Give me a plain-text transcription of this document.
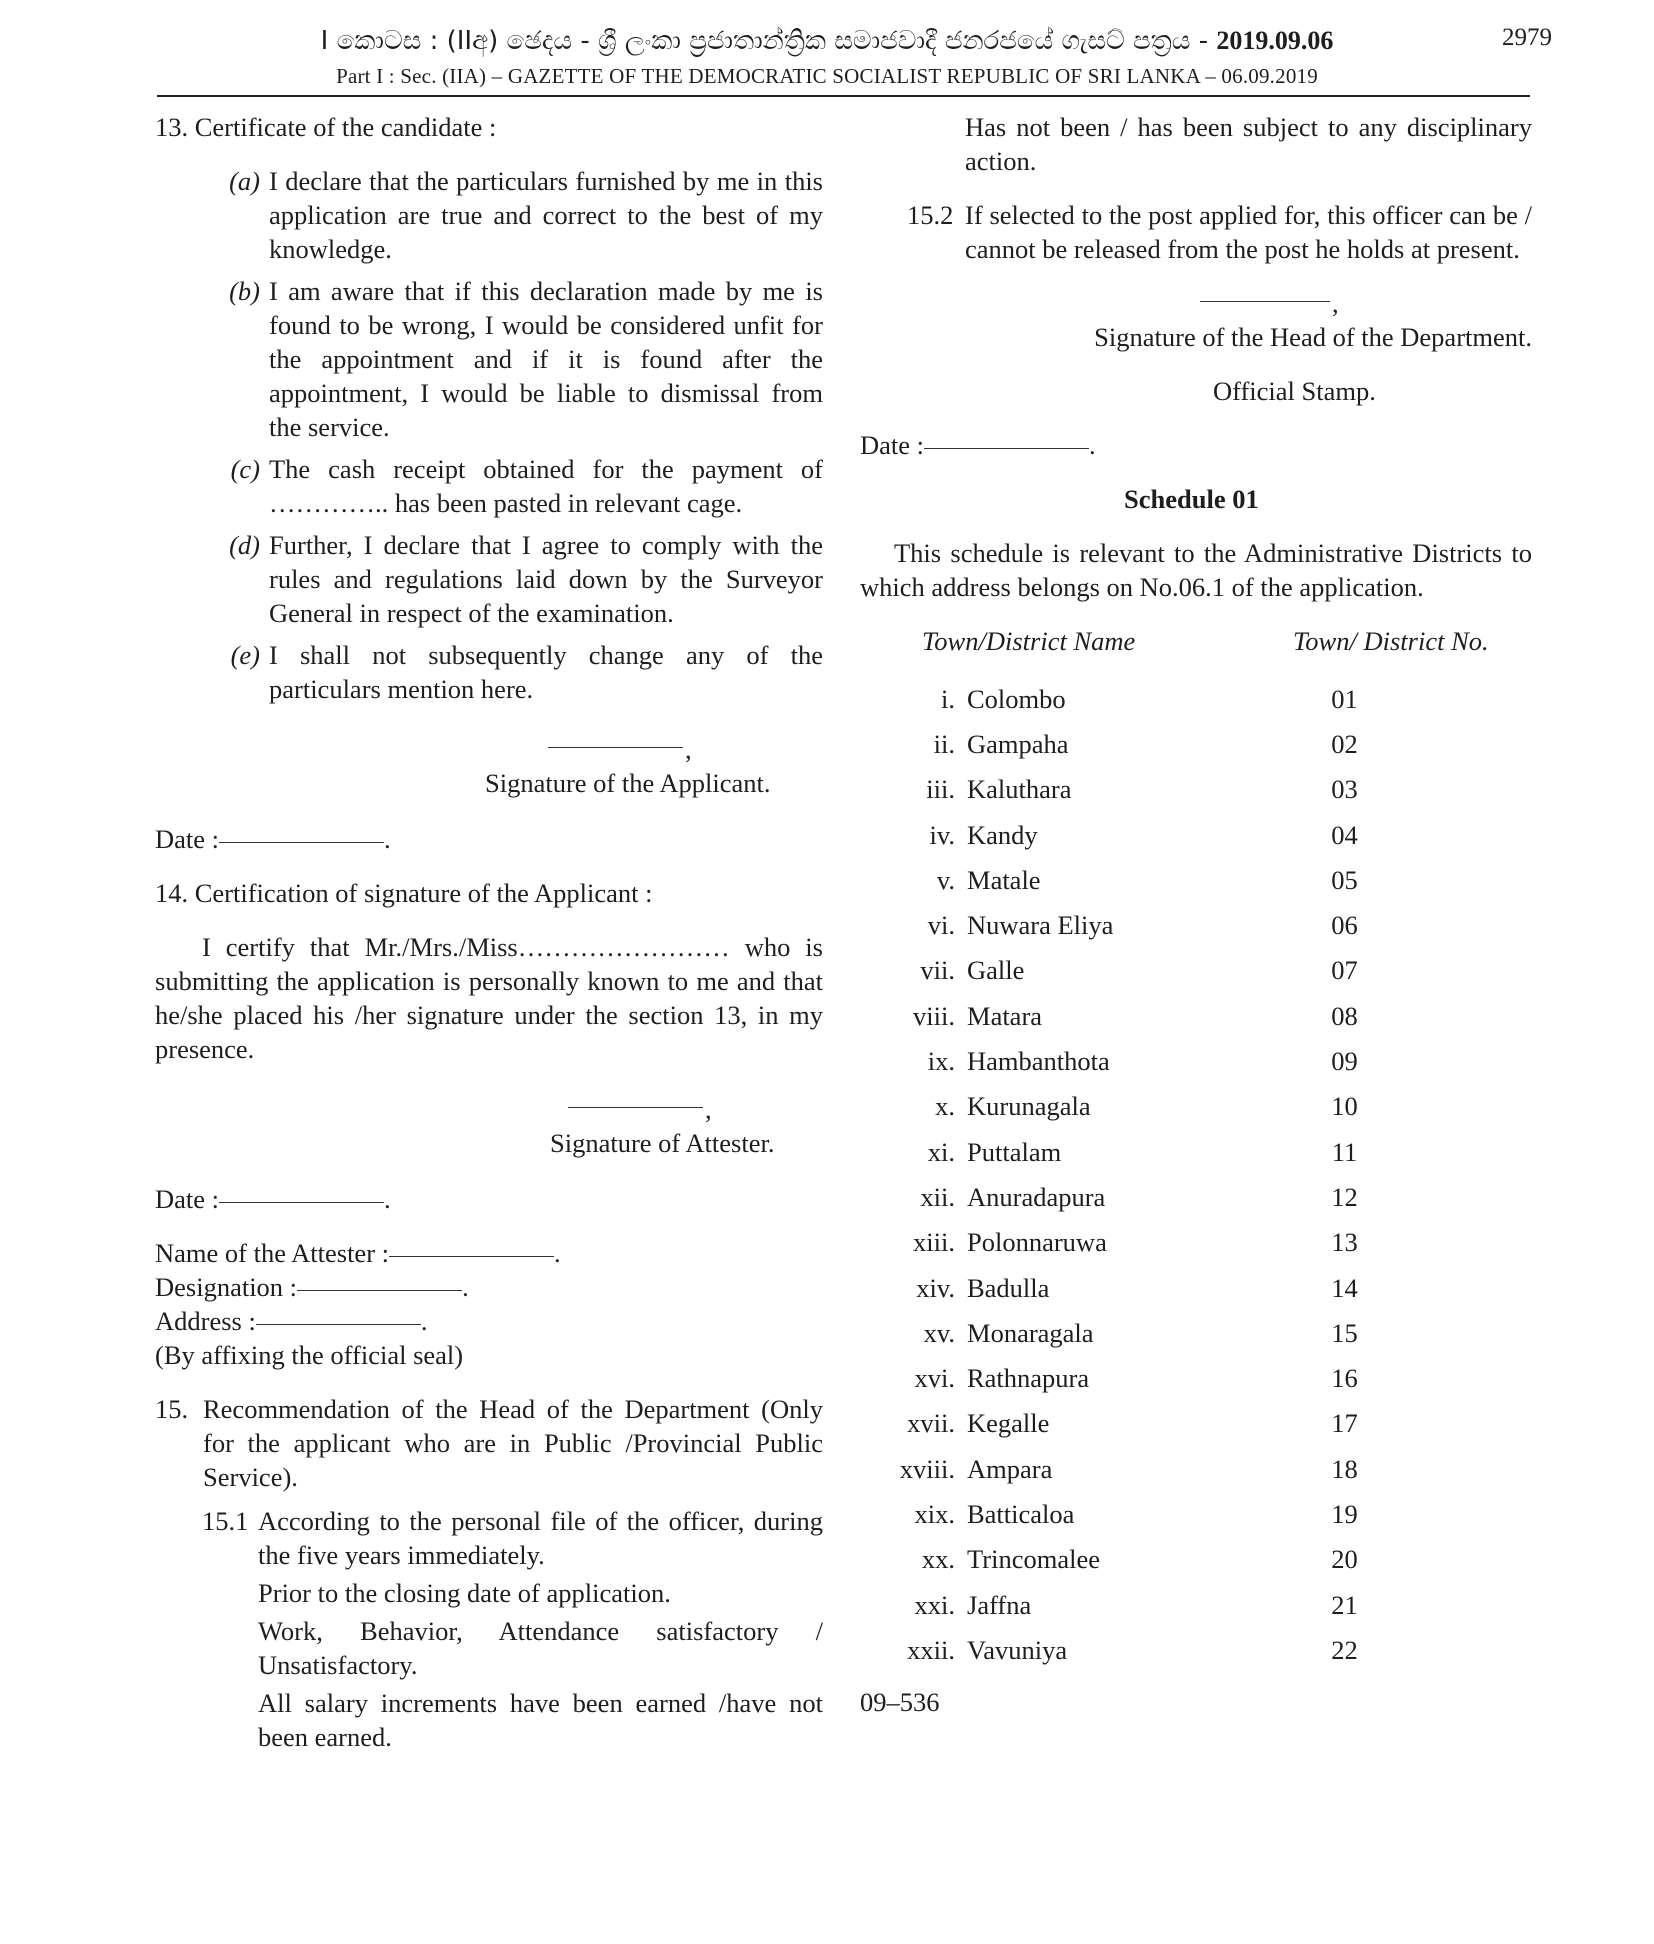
I කොටස : (IIඅ) ඡෙදය - ශ්‍රී ලංකා ප්‍රජාතාන්ත්‍රික සමාජවාදී ජනරජයේ ගැසට් පත්‍රය - 2019.09.06	2979
Part I : Sec. (IIA) – GAZETTE OF THE DEMOCRATIC SOCIALIST REPUBLIC OF SRI LANKA – 06.09.2019

13. Certificate of the candidate :

(a) I declare that the particulars furnished by me in this application are true and correct to the best of my knowledge.
(b) I am aware that if this declaration made by me is found to be wrong, I would be considered unfit for the appointment and if it is found after the appointment, I would be liable to dismissal from the service.
(c) The cash receipt obtained for the payment of ………….. has been pasted in relevant cage.
(d) Further, I declare that I agree to comply with the rules and regulations laid down by the Surveyor General in respect of the examination.
(e) I shall not subsequently change any of the particulars mention here.
,
Signature of the Applicant.

Date :	.

14. Certification of signature of the Applicant :

I certify that Mr./Mrs./Miss…………………… who is submitting the application is personally known to me and that he/she placed his /her signature under the section 13, in my presence.

,
Signature of Attester.

Date :	.

Name of the Attester :	.

Designation :	.

Address :	.

(By affixing the official seal)

15. Recommendation of the Head of the Department (Only for the applicant who are in Public /Provincial Public Service).
15.1 According to the personal file of the officer, during the five years immediately.

Prior to the closing date of application.

Work, Behavior, Attendance satisfactory / Unsatisfactory.

All salary increments have been earned /have not been earned.

Has not been / has been subject to any disciplinary action.

15.2 If selected to the post applied for, this officer can be / cannot be released from the post he holds at present.
,
Signature of the Head of the Department.

Official Stamp.

Date :	.

Schedule 01

This schedule is relevant to the Administrative Districts to which address belongs on No.06.1 of the application.

Town/District Name	Town/ District No.
i.	Colombo	01
ii.	Gampaha	02
iii.	Kaluthara	03
iv.	Kandy	04
v.	Matale	05
vi.	Nuwara Eliya	06
vii.	Galle	07
viii.	Matara	08
ix.	Hambanthota	09
x.	Kurunagala	10
xi.	Puttalam	11
xii.	Anuradapura	12
xiii.	Polonnaruwa	13
xiv.	Badulla	14
xv.	Monaragala	15
xvi.	Rathnapura	16
xvii.	Kegalle	17
xviii.	Ampara	18
xix.	Batticaloa	19
xx.	Trincomalee	20
xxi.	Jaffna	21
xxii.	Vavuniya	22

09–536
